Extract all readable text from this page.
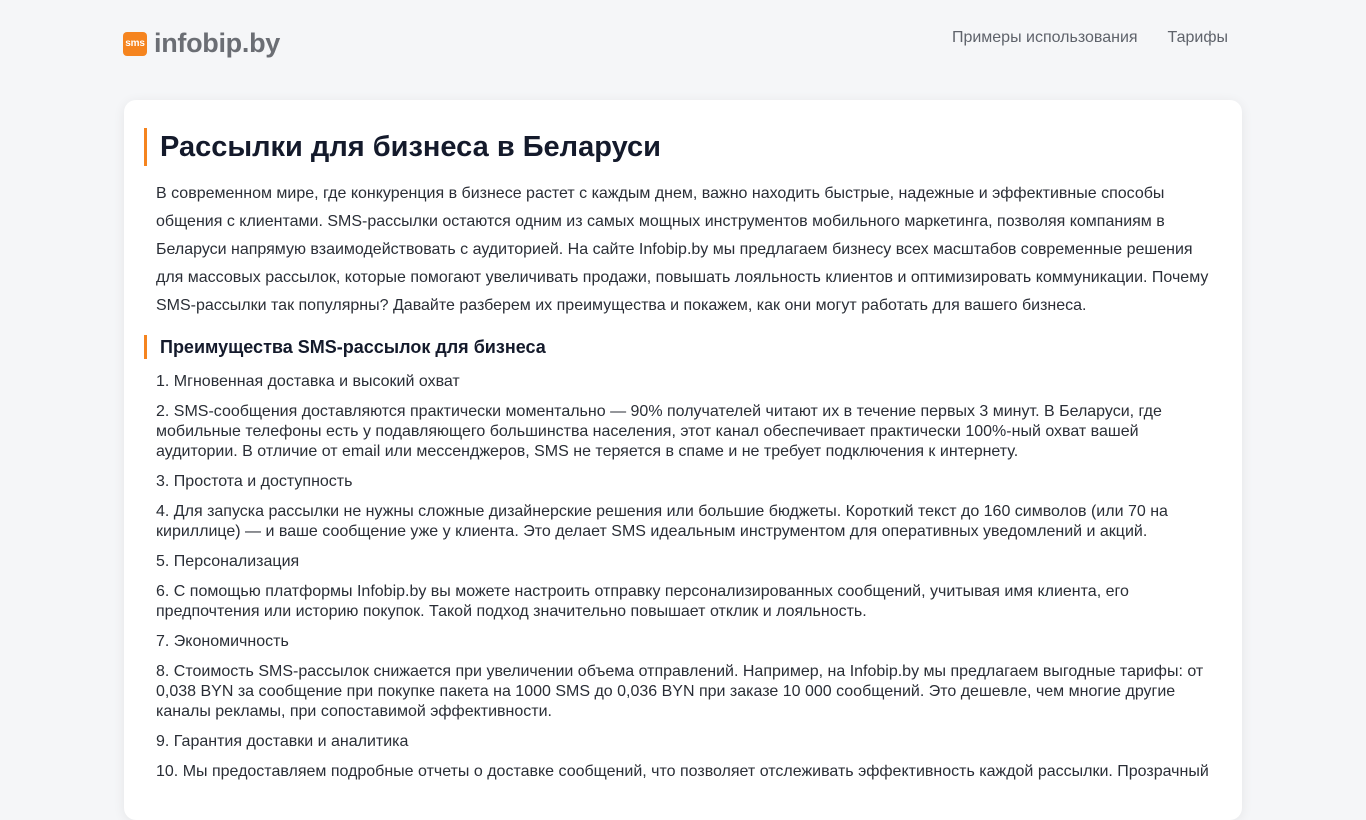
sms infobip.by	Примеры использования Тарифы
Рассылки для бизнеса в Беларуси

В современном мире, где конкуренция в бизнесе растет с каждым днем, важно находить быстрые, надежные и эффективные способы общения с клиентами. SMS-рассылки остаются одним из самых мощных инструментов мобильного маркетинга, позволяя компаниям в Беларуси напрямую взаимодействовать с аудиторией. На сайте Infobip.by мы предлагаем бизнесу всех масштабов современные решения для массовых рассылок, которые помогают увеличивать продажи, повышать лояльность клиентов и оптимизировать коммуникации. Почему SMS-рассылки так популярны? Давайте разберем их преимущества и покажем, как они могут работать для вашего бизнеса.

Преимущества SMS-рассылок для бизнеса
1. Мгновенная доставка и высокий охват
2. SMS-сообщения доставляются практически моментально — 90% получателей читают их в течение первых 3 минут. В Беларуси, где мобильные телефоны есть у подавляющего большинства населения, этот канал обеспечивает практически 100%-ный охват вашей аудитории. В отличие от email или мессенджеров, SMS не теряется в спаме и не требует подключения к интернету.
3. Простота и доступность
4. Для запуска рассылки не нужны сложные дизайнерские решения или большие бюджеты. Короткий текст до 160 символов (или 70 на кириллице) — и ваше сообщение уже у клиента. Это делает SMS идеальным инструментом для оперативных уведомлений и акций.
5. Персонализация
6. С помощью платформы Infobip.by вы можете настроить отправку персонализированных сообщений, учитывая имя клиента, его предпочтения или историю покупок. Такой подход значительно повышает отклик и лояльность.
7. Экономичность
8. Стоимость SMS-рассылок снижается при увеличении объема отправлений. Например, на Infobip.by мы предлагаем выгодные тарифы: от 0,038 BYN за сообщение при покупке пакета на 1000 SMS до 0,036 BYN при заказе 10 000 сообщений. Это дешевле, чем многие другие каналы рекламы, при сопоставимой эффективности.
9. Гарантия доставки и аналитика
10. Мы предоставляем подробные отчеты о доставке сообщений, что позволяет отслеживать эффективность каждой рассылки. Прозрачный
